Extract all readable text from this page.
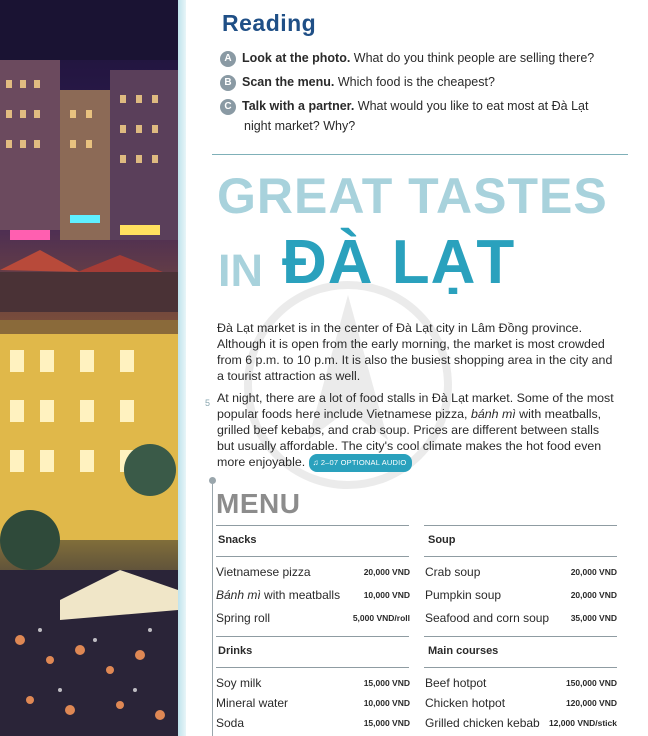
Reading
A Look at the photo. What do you think people are selling there?
B Scan the menu. Which food is the cheapest?
C Talk with a partner. What would you like to eat most at Đà Lạt
night market? Why?
GREAT TASTES
IN ĐÀ LẠT
Đà Lạt market is in the center of Đà Lạt city in Lâm Đồng province. Although it is open from the early morning, the market is most crowded from 6 p.m. to 10 p.m. It is also the busiest shopping area in the city and a tourist attraction as well.
5 At night, there are a lot of food stalls in Đà Lạt market. Some of the most popular foods here include Vietnamese pizza, bánh mì with meatballs, grilled beef kebabs, and crab soup. Prices are different between stalls but usually affordable. The city's cool climate makes the hot food even more enjoyable. ♫ 2–07 OPTIONAL AUDIO
MENU
Snacks
Vietnamese pizza	20,000 VND
Bánh mì with meatballs	10,000 VND
Spring roll	5,000 VND/roll
Drinks
Soy milk	15,000 VND
Mineral water	10,000 VND
Soda	15,000 VND
Soup
Crab soup	20,000 VND
Pumpkin soup	20,000 VND
Seafood and corn soup	35,000 VND
Main courses
Beef hotpot	150,000 VND
Chicken hotpot	120,000 VND
Grilled chicken kebab	12,000 VND/stick
